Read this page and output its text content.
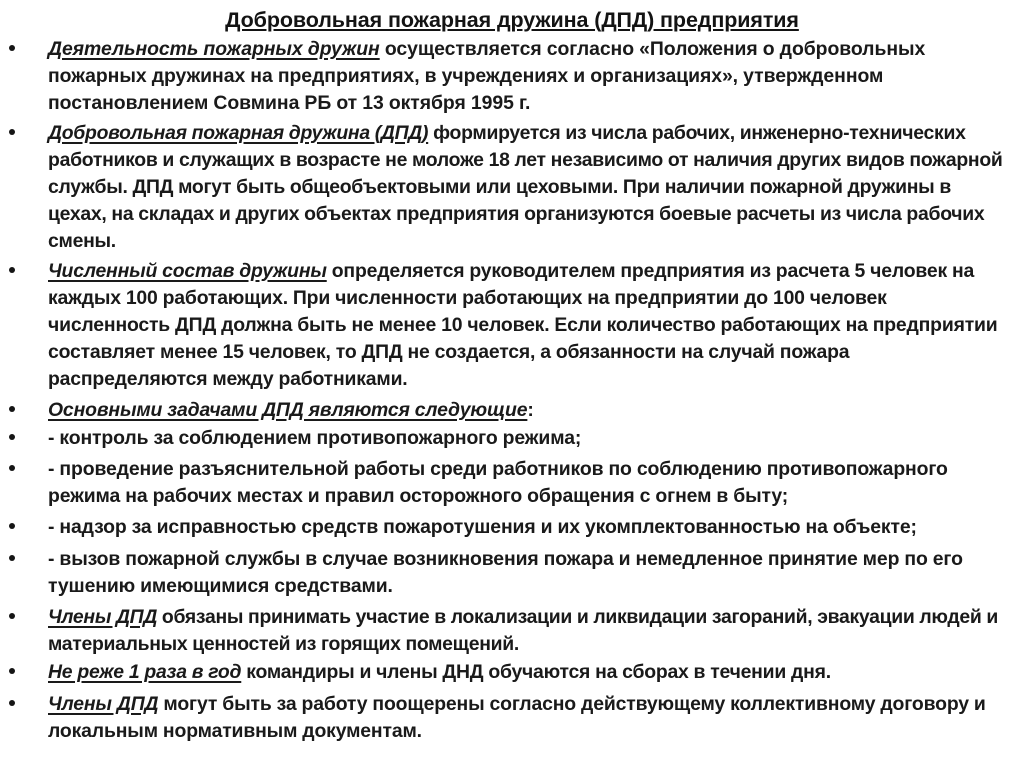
Добровольная пожарная дружина (ДПД) предприятия
Деятельность пожарных дружин осуществляется согласно «Положения о добровольных пожарных дружинах на предприятиях, в учреждениях и организациях», утвержденном постановлением Совмина РБ от 13 октября 1995 г.
Добровольная пожарная дружина (ДПД) формируется из числа рабочих, инженерно-технических работников и служащих в возрасте не моложе 18 лет независимо от наличия других видов пожарной службы. ДПД могут быть общеобъектовыми или цеховыми. При наличии пожарной дружины в цехах, на складах и других объектах предприятия организуются боевые расчеты из числа рабочих смены.
Численный состав дружины определяется руководителем предприятия из расчета 5 человек на каждых 100 работающих. При численности работающих на предприятии до 100 человек численность ДПД должна быть не менее 10 человек. Если количество работающих на предприятии составляет менее 15 человек, то ДПД не создается, а обязанности на случай пожара распределяются между работниками.
Основными задачами ДПД являются следующие:
- контроль за соблюдением противопожарного режима;
- проведение разъяснительной работы среди работников по соблюдению противопожарного режима на рабочих местах и правил осторожного обращения с огнем в быту;
- надзор за исправностью средств пожаротушения и их укомплектованностью на объекте;
- вызов пожарной службы в случае возникновения пожара и немедленное принятие мер по его тушению имеющимися средствами.
Члены ДПД обязаны принимать участие в локализации и ликвидации загораний, эвакуации людей и материальных ценностей из горящих помещений.
Не реже 1 раза в год командиры и члены ДНД обучаются на сборах в течении дня.
Члены ДПД могут быть за работу поощерены согласно действующему коллективному договору и локальным нормативным документам.
